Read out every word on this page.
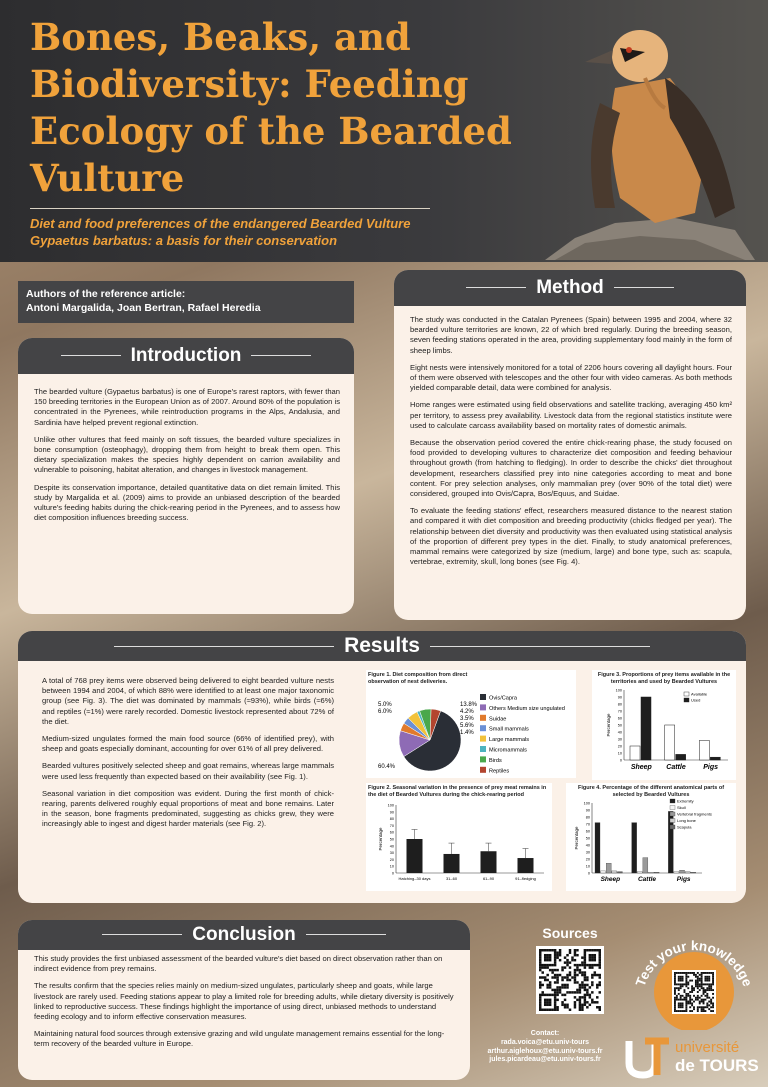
Bones, Beaks, and Biodiversity: Feeding Ecology of the Bearded Vulture
Diet and food preferences of the endangered Bearded Vulture Gypaetus barbatus: a basis for their conservation
Authors of the reference article:
Antoni Margalida, Joan Bertran, Rafael Heredia
Introduction

The bearded vulture (Gypaetus barbatus) is one of Europe's rarest raptors, with fewer than 150 breeding territories in the European Union as of 2007. Around 80% of the population is concentrated in the Pyrenees, while reintroduction programs in the Alps, Andalusia, and Sardinia have helped prevent regional extinction.

Unlike other vultures that feed mainly on soft tissues, the bearded vulture specializes in bone consumption (osteophagy), dropping them from height to break them open. This dietary specialization makes the species highly dependent on carrion availability and vulnerable to poisoning, habitat alteration, and changes in livestock management.

Despite its conservation importance, detailed quantitative data on diet remain limited. This study by Margalida et al. (2009) aims to provide an unbiased description of the bearded vulture's feeding habits during the chick-rearing period in the Pyrenees, and to assess how diet composition influences breeding success.

Method

The study was conducted in the Catalan Pyrenees (Spain) between 1995 and 2004, where 32 bearded vulture territories are known, 22 of which bred regularly. During the breeding season, seven feeding stations operated in the area, providing supplementary food mainly in the form of sheep limbs.

Eight nests were intensively monitored for a total of 2206 hours covering all daylight hours. Four of them were observed with telescopes and the other four with video cameras. As both methods yielded comparable detail, data were combined for analysis.

Home ranges were estimated using field observations and satellite tracking, averaging 450 km² per territory, to assess prey availability. Livestock data from the regional statistics institute were used to calculate carcass availability based on mortality rates of domestic animals.

Because the observation period covered the entire chick-rearing phase, the study focused on food provided to developing vultures to characterize diet composition and feeding behaviour throughout growth (from hatching to fledging). In order to describe the chicks' diet throughout development, researchers classified prey into nine categories according to meat and bone content. For prey selection analyses, only mammalian prey (over 90% of the total diet) were considered, grouped into Ovis/Capra, Bos/Equus, and Suidae.

To evaluate the feeding stations' effect, researchers measured distance to the nearest station and compared it with diet composition and breeding productivity (chicks fledged per year). The relationship between diet diversity and productivity was then evaluated using statistical analysis of the proportion of different prey types in the diet. Finally, to study anatomical preferences, mammal remains were categorized by size (medium, large) and bone type, such as: scapula, vertebrae, extremity, skull, long bones (see Fig. 4).

Results

A total of 768 prey items were observed being delivered to eight bearded vulture nests between 1994 and 2004, of which 88% were identified to at least one major taxonomic group (see Fig. 3). The diet was dominated by mammals (≈93%), while birds (≈6%) and reptiles (≈1%) were rarely recorded. Domestic livestock represented about 72% of the diet.

Medium-sized ungulates formed the main food source (66% of identified prey), with sheep and goats especially dominant, accounting for over 61% of all prey delivered.

Bearded vultures positively selected sheep and goat remains, whereas large mammals were used less frequently than expected based on their availability (see Fig. 1).

Seasonal variation in diet composition was evident. During the first month of chick-rearing, parents delivered roughly equal proportions of meat and bone remains. Later in the season, bone fragments predominated, suggesting as chicks grew, they were increasingly able to ingest and digest harder materials (see Fig. 2).

Figure 1. Diet composition from direct observation of nest deliveries.
5.0%
6.0%
60.4%
13.8%
4.2%
3.5%
5.6%
1.4%
Ovis/Capra
Others Medium size ungulated
Suidae
Small mammals
Large mammals
Micromammals
Birds
Reptiles
Figure 3. Proportions of prey items available in the territories and used by Bearded Vultures
0
10
20
30
40
50
60
70
80
90
100
Percentage
Sheep Cattle	Pigs
Available
Used
Figure 2. Seasonal variation in the presence of prey meat remains in the diet of Bearded Vultures during the chick-rearing period
0
10
20
30
40
50
60
70
80
90
100
Percentage
Hatching–30 days	31–60	61–90	91–fledging
Figure 4. Percentage of the different anatomical parts of selected by Bearded Vultures
0
10
20
30
40
50
60
70
80
90
100
Percentage
Sheep	Cattle	Pigs
Extremity
Skull
Vertebral fragments
Long bone
Scapula
Conclusion

This study provides the first unbiased assessment of the bearded vulture's diet based on direct observation rather than on indirect evidence from prey remains.

The results confirm that the species relies mainly on medium-sized ungulates, particularly sheep and goats, while large livestock are rarely used. Feeding stations appear to play a limited role for breeding adults, while dietary diversity is positively linked to reproductive success. These findings highlight the importance of using direct, unbiased methods to understand feeding ecology and to inform effective conservation measures.

Maintaining natural food sources through extensive grazing and wild ungulate management remains essential for the long-term recovery of the bearded vulture in Europe.

Sources
Test your knowledge
Contact:
rada.voica@etu.univ-tours
arthur.aiglehoux@etu.univ-tours.fr
jules.picardeau@etu.univ-tours.fr
université
de TOURS
